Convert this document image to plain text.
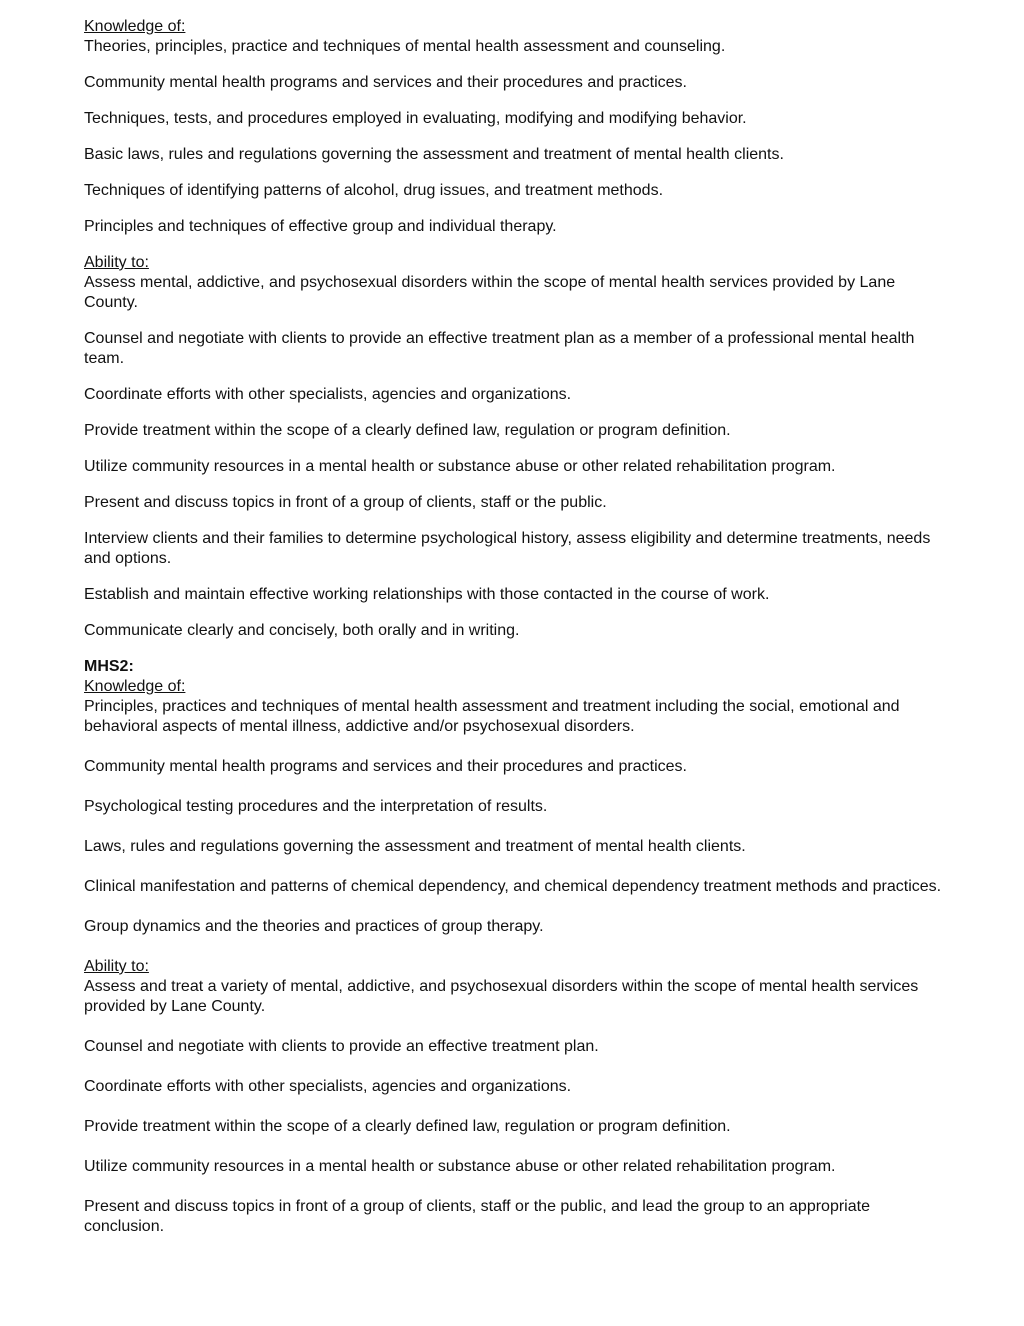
Knowledge of:

Theories, principles, practice and techniques of mental health assessment and counseling.

Community mental health programs and services and their procedures and practices.

Techniques, tests, and procedures employed in evaluating, modifying and modifying behavior.

Basic laws, rules and regulations governing the assessment and treatment of mental health clients.

Techniques of identifying patterns of alcohol, drug issues, and treatment methods.

Principles and techniques of effective group and individual therapy.

Ability to:

Assess mental, addictive, and psychosexual disorders within the scope of mental health services provided by Lane County.

Counsel and negotiate with clients to provide an effective treatment plan as a member of a professional mental health team.

Coordinate efforts with other specialists, agencies and organizations.

Provide treatment within the scope of a clearly defined law, regulation or program definition.

Utilize community resources in a mental health or substance abuse or other related rehabilitation program.

Present and discuss topics in front of a group of clients, staff or the public.

Interview clients and their families to determine psychological history, assess eligibility and determine treatments, needs and options.

Establish and maintain effective working relationships with those contacted in the course of work.

Communicate clearly and concisely, both orally and in writing.

MHS2:
Knowledge of:

Principles, practices and techniques of mental health assessment and treatment including the social, emotional and behavioral aspects of mental illness, addictive and/or psychosexual disorders.

Community mental health programs and services and their procedures and practices.

Psychological testing procedures and the interpretation of results.

Laws, rules and regulations governing the assessment and treatment of mental health clients.

Clinical manifestation and patterns of chemical dependency, and chemical dependency treatment methods and practices.

Group dynamics and the theories and practices of group therapy.

Ability to:

Assess and treat a variety of mental, addictive, and psychosexual disorders within the scope of mental health services provided by Lane County.

Counsel and negotiate with clients to provide an effective treatment plan.

Coordinate efforts with other specialists, agencies and organizations.

Provide treatment within the scope of a clearly defined law, regulation or program definition.

Utilize community resources in a mental health or substance abuse or other related rehabilitation program.

Present and discuss topics in front of a group of clients, staff or the public, and lead the group to an appropriate conclusion.
